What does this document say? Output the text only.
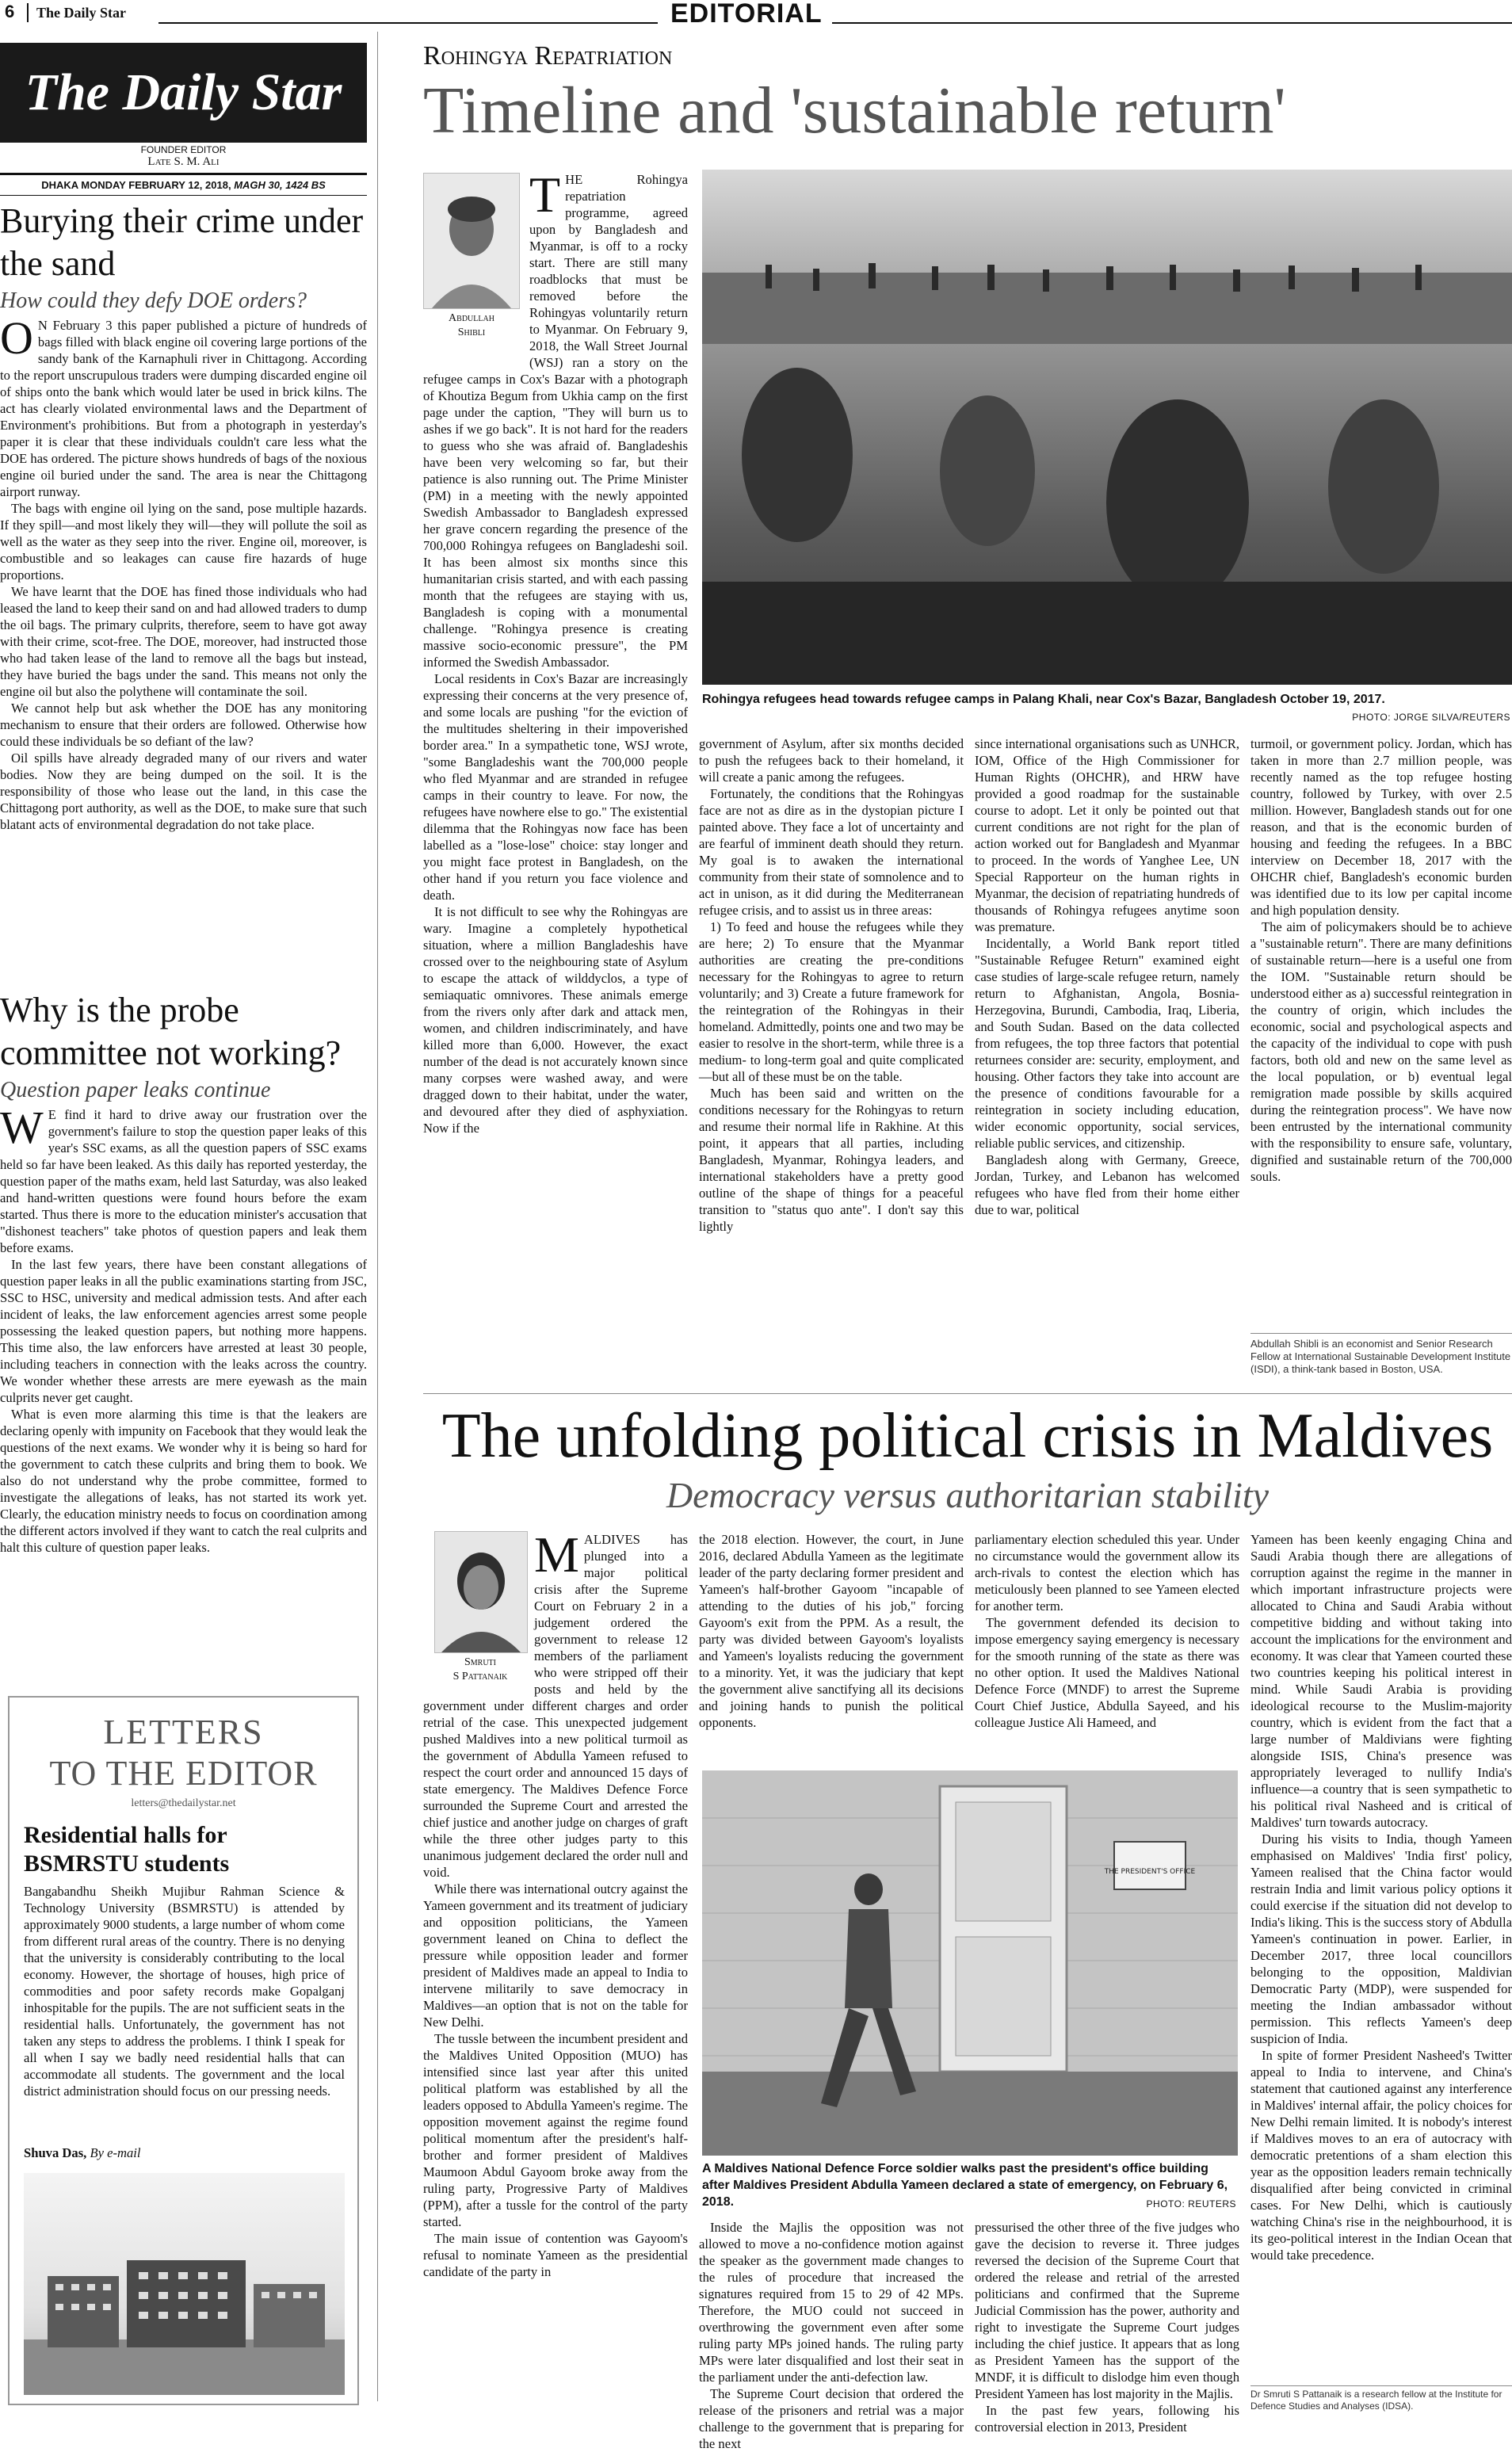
6 The Daily Star	EDITORIAL
The Daily Star
FOUNDER EDITOR
Late S. M. Ali
DHAKA MONDAY FEBRUARY 12, 2018, MAGH 30, 1424 BS
Burying their crime under the sand
How could they defy DOE orders?
O N February 3 this paper published a picture of hundreds of bags filled with black engine oil covering large portions of the sandy bank of the Karnaphuli river in Chittagong. According to the report unscrupulous traders were dumping discarded engine oil of ships onto the bank which would later be used in brick kilns. The act has clearly violated environmental laws and the Department of Environment's prohibitions. But from a photograph in yesterday's paper it is clear that these individuals couldn't care less what the DOE has ordered. The picture shows hundreds of bags of the noxious engine oil buried under the sand. The area is near the Chittagong airport runway.

The bags with engine oil lying on the sand, pose multiple hazards. If they spill—and most likely they will—they will pollute the soil as well as the water as they seep into the river. Engine oil, moreover, is combustible and so leakages can cause fire hazards of huge proportions.

We have learnt that the DOE has fined those individuals who had leased the land to keep their sand on and had allowed traders to dump the oil bags. The primary culprits, therefore, seem to have got away with their crime, scot-free. The DOE, moreover, had instructed those who had taken lease of the land to remove all the bags but instead, they have buried the bags under the sand. This means not only the engine oil but also the polythene will contaminate the soil.

We cannot help but ask whether the DOE has any monitoring mechanism to ensure that their orders are followed. Otherwise how could these individuals be so defiant of the law?

Oil spills have already degraded many of our rivers and water bodies. Now they are being dumped on the soil. It is the responsibility of those who lease out the land, in this case the Chittagong port authority, as well as the DOE, to make sure that such blatant acts of environmental degradation do not take place.

Why is the probe committee not working?
Question paper leaks continue
W E find it hard to drive away our frustration over the government's failure to stop the question paper leaks of this year's SSC exams, as all the question papers of SSC exams held so far have been leaked. As this daily has reported yesterday, the question paper of the maths exam, held last Saturday, was also leaked and hand-written questions were found hours before the exam started. Thus there is more to the education minister's accusation that "dishonest teachers" take photos of question papers and leak them before exams.

In the last few years, there have been constant allegations of question paper leaks in all the public examinations starting from JSC, SSC to HSC, university and medical admission tests. And after each incident of leaks, the law enforcement agencies arrest some people possessing the leaked question papers, but nothing more happens. This time also, the law enforcers have arrested at least 30 people, including teachers in connection with the leaks across the country. We wonder whether these arrests are mere eyewash as the main culprits never get caught.

What is even more alarming this time is that the leakers are declaring openly with impunity on Facebook that they would leak the questions of the next exams. We wonder why it is being so hard for the government to catch these culprits and bring them to book. We also do not understand why the probe committee, formed to investigate the allegations of leaks, has not started its work yet. Clearly, the education ministry needs to focus on coordination among the different actors involved if they want to catch the real culprits and halt this culture of question paper leaks.

LETTERS
TO THE EDITOR
letters@thedailystar.net
Residential halls for BSMRSTU students

Bangabandhu Sheikh Mujibur Rahman Science & Technology University (BSMRSTU) is attended by approximately 9000 students, a large number of whom come from different rural areas of the country. There is no denying that the university is considerably contributing to the local economy. However, the shortage of houses, high price of commodities and poor safety records make Gopalganj inhospitable for the pupils. The are not sufficient seats in the residential halls. Unfortunately, the government has not taken any steps to address the problems. I think I speak for all when I say we badly need residential halls that can accommodate all students. The government and the local district administration should focus on our pressing needs.

Shuva Das, By e-mail
Rohingya Repatriation
Timeline and 'sustainable return'
Abdullah
Shibli
Rohingya refugees head towards refugee camps in Palang Khali, near Cox's Bazar, Bangladesh October 19, 2017.
PHOTO: JORGE SILVA/REUTERS
T HE Rohingya repatriation programme, agreed upon by Bangladesh and Myanmar, is off to a rocky start. There are still many roadblocks that must be removed before the Rohingyas voluntarily return to Myanmar. On February 9, 2018, the Wall Street Journal (WSJ) ran a story on the refugee camps in Cox's Bazar with a photograph of Khoutiza Begum from Ukhia camp on the first page under the caption, "They will burn us to ashes if we go back". It is not hard for the readers to guess who she was afraid of. Bangladeshis have been very welcoming so far, but their patience is also running out. The Prime Minister (PM) in a meeting with the newly appointed Swedish Ambassador to Bangladesh expressed her grave concern regarding the presence of the 700,000 Rohingya refugees on Bangladeshi soil. It has been almost six months since this humanitarian crisis started, and with each passing month that the refugees are staying with us, Bangladesh is coping with a monumental challenge. "Rohingya presence is creating massive socio-economic pressure", the PM informed the Swedish Ambassador.

Local residents in Cox's Bazar are increasingly expressing their concerns at the very presence of, and some locals are pushing "for the eviction of the multitudes sheltering in their impoverished border area." In a sympathetic tone, WSJ wrote, "some Bangladeshis want the 700,000 people who fled Myanmar and are stranded in refugee camps in their country to leave. For now, the refugees have nowhere else to go." The existential dilemma that the Rohingyas now face has been labelled as a "lose-lose" choice: stay longer and you might face protest in Bangladesh, on the other hand if you return you face violence and death.

It is not difficult to see why the Rohingyas are wary. Imagine a completely hypothetical situation, where a million Bangladeshis have crossed over to the neighbouring state of Asylum to escape the attack of wilddyclos, a type of semiaquatic omnivores. These animals emerge from the rivers only after dark and attack men, women, and children indiscriminately, and have killed more than 6,000. However, the exact number of the dead is not accurately known since many corpses were washed away, and were dragged down to their habitat, under the water, and devoured after they died of asphyxiation. Now if the

government of Asylum, after six months decided to push the refugees back to their homeland, it will create a panic among the refugees.

Fortunately, the conditions that the Rohingyas face are not as dire as in the dystopian picture I painted above. They face a lot of uncertainty and are fearful of imminent death should they return. My goal is to awaken the international community from their state of somnolence and to act in unison, as it did during the Mediterranean refugee crisis, and to assist us in three areas:

1) To feed and house the refugees while they are here; 2) To ensure that the Myanmar authorities are creating the pre-conditions necessary for the Rohingyas to agree to return voluntarily; and 3) Create a future framework for the reintegration of the Rohingyas in their homeland. Admittedly, points one and two may be easier to resolve in the short-term, while three is a medium- to long-term goal and quite complicated—but all of these must be on the table.

Much has been said and written on the conditions necessary for the Rohingyas to return and resume their normal life in Rakhine. At this point, it appears that all parties, including Bangladesh, Myanmar, Rohingya leaders, and international stakeholders have a pretty good outline of the shape of things for a peaceful transition to "status quo ante". I don't say this lightly

since international organisations such as UNHCR, IOM, Office of the High Commissioner for Human Rights (OHCHR), and HRW have provided a good roadmap for the sustainable course to adopt. Let it only be pointed out that current conditions are not right for the plan of action worked out for Bangladesh and Myanmar to proceed. In the words of Yanghee Lee, UN Special Rapporteur on the human rights in Myanmar, the decision of repatriating hundreds of thousands of Rohingya refugees anytime soon was premature.

Incidentally, a World Bank report titled "Sustainable Refugee Return" examined eight case studies of large-scale refugee return, namely return to Afghanistan, Angola, Bosnia-Herzegovina, Burundi, Cambodia, Iraq, Liberia, and South Sudan. Based on the data collected from refugees, the top three factors that potential returnees consider are: security, employment, and housing. Other factors they take into account are the presence of conditions favourable for a reintegration in society including education, wider economic opportunity, social services, reliable public services, and citizenship.

Bangladesh along with Germany, Greece, Jordan, Turkey, and Lebanon has welcomed refugees who have fled from their home either due to war, political

turmoil, or government policy. Jordan, which has taken in more than 2.7 million people, was recently named as the top refugee hosting country, followed by Turkey, with over 2.5 million. However, Bangladesh stands out for one reason, and that is the economic burden of housing and feeding the refugees. In a BBC interview on December 18, 2017 with the OHCHR chief, Bangladesh's economic burden was identified due to its low per capital income and high population density.

The aim of policymakers should be to achieve a "sustainable return". There are many definitions of sustainable return—here is a useful one from the IOM. "Sustainable return should be understood either as a) successful reintegration in the country of origin, which includes the economic, social and psychological aspects and the capacity of the individual to cope with push factors, both old and new on the same level as the local population, or b) eventual legal remigration made possible by skills acquired during the reintegration process". We have now been entrusted by the international community with the responsibility to ensure safe, voluntary, dignified and sustainable return of the 700,000 souls.

Abdullah Shibli is an economist and Senior Research Fellow at International Sustainable Development Institute (ISDI), a think-tank based in Boston, USA.
The unfolding political crisis in Maldives
Democracy versus authoritarian stability
Smruti
S Pattanaik
M ALDIVES has plunged into a major political crisis after the Supreme Court on February 2 in a judgement ordered the government to release 12 members of the parliament who were stripped off their posts and held by the government under different charges and order retrial of the case. This unexpected judgement pushed Maldives into a new political turmoil as the government of Abdulla Yameen refused to respect the court order and announced 15 days of state emergency. The Maldives Defence Force surrounded the Supreme Court and arrested the chief justice and another judge on charges of graft while the three other judges party to this unanimous judgement declared the order null and void.

While there was international outcry against the Yameen government and its treatment of judiciary and opposition politicians, the Yameen government leaned on China to deflect the pressure while opposition leader and former president of Maldives made an appeal to India to intervene militarily to save democracy in Maldives—an option that is not on the table for New Delhi.

The tussle between the incumbent president and the Maldives United Opposition (MUO) has intensified since last year after this united political platform was established by all the leaders opposed to Abdulla Yameen's regime. The opposition movement against the regime found political momentum after the president's half-brother and former president of Maldives Maumoon Abdul Gayoom broke away from the ruling party, Progressive Party of Maldives (PPM), after a tussle for the control of the party started.

The main issue of contention was Gayoom's refusal to nominate Yameen as the presidential candidate of the party in

the 2018 election. However, the court, in June 2016, declared Abdulla Yameen as the legitimate leader of the party declaring former president and Yameen's half-brother Gayoom "incapable of attending to the duties of his job," forcing Gayoom's exit from the PPM. As a result, the party was divided between Gayoom's loyalists and Yameen's loyalists reducing the government to a minority. Yet, it was the judiciary that kept the government alive sanctifying all its decisions and joining hands to punish the political opponents.

parliamentary election scheduled this year. Under no circumstance would the government allow its arch-rivals to contest the election which has meticulously been planned to see Yameen elected for another term.

The government defended its decision to impose emergency saying emergency is necessary for the smooth running of the state as there was no other option. It used the Maldives National Defence Force (MNDF) to arrest the Supreme Court Chief Justice, Abdulla Sayeed, and his colleague Justice Ali Hameed, and

THE PRESIDENT'S OFFICE
A Maldives National Defence Force soldier walks past the president's office building after Maldives President Abdulla Yameen declared a state of emergency, on February 6, 2018.	PHOTO: REUTERS

Inside the Majlis the opposition was not allowed to move a no-confidence motion against the speaker as the government made changes to the rules of procedure that increased the signatures required from 15 to 29 of 42 MPs. Therefore, the MUO could not succeed in overthrowing the government even after some ruling party MPs joined hands. The ruling party MPs were later disqualified and lost their seat in the parliament under the anti-defection law.

The Supreme Court decision that ordered the release of the prisoners and retrial was a major challenge to the government that is preparing for the next

pressurised the other three of the five judges who gave the decision to reverse it. Three judges reversed the decision of the Supreme Court that ordered the release and retrial of the arrested politicians and confirmed that the Supreme Judicial Commission has the power, authority and right to investigate the Supreme Court judges including the chief justice. It appears that as long as President Yameen has the support of the MNDF, it is difficult to dislodge him even though President Yameen has lost majority in the Majlis.

In the past few years, following his controversial election in 2013, President

Yameen has been keenly engaging China and Saudi Arabia though there are allegations of corruption against the regime in the manner in which important infrastructure projects were allocated to China and Saudi Arabia without competitive bidding and without taking into account the implications for the environment and economy. It was clear that Yameen courted these two countries keeping his political interest in mind. While Saudi Arabia is providing ideological recourse to the Muslim-majority country, which is evident from the fact that a large number of Maldivians were fighting alongside ISIS, China's presence was appropriately leveraged to nullify India's influence—a country that is seen sympathetic to his political rival Nasheed and is critical of Maldives' turn towards autocracy.

During his visits to India, though Yameen emphasised on Maldives' 'India first' policy, Yameen realised that the China factor would restrain India and limit various policy options it could exercise if the situation did not develop to India's liking. This is the success story of Abdulla Yameen's continuation in power. Earlier, in December 2017, three local councillors belonging to the opposition, Maldivian Democratic Party (MDP), were suspended for meeting the Indian ambassador without permission. This reflects Yameen's deep suspicion of India.

In spite of former President Nasheed's Twitter appeal to India to intervene, and China's statement that cautioned against any interference in Maldives' internal affair, the policy choices for New Delhi remain limited. It is nobody's interest if Maldives moves to an era of autocracy with democratic pretentions of a sham election this year as the opposition leaders remain technically disqualified after being convicted in criminal cases. For New Delhi, which is cautiously watching China's rise in the neighbourhood, it is its geo-political interest in the Indian Ocean that would take precedence.

Dr Smruti S Pattanaik is a research fellow at the Institute for Defence Studies and Analyses (IDSA).
